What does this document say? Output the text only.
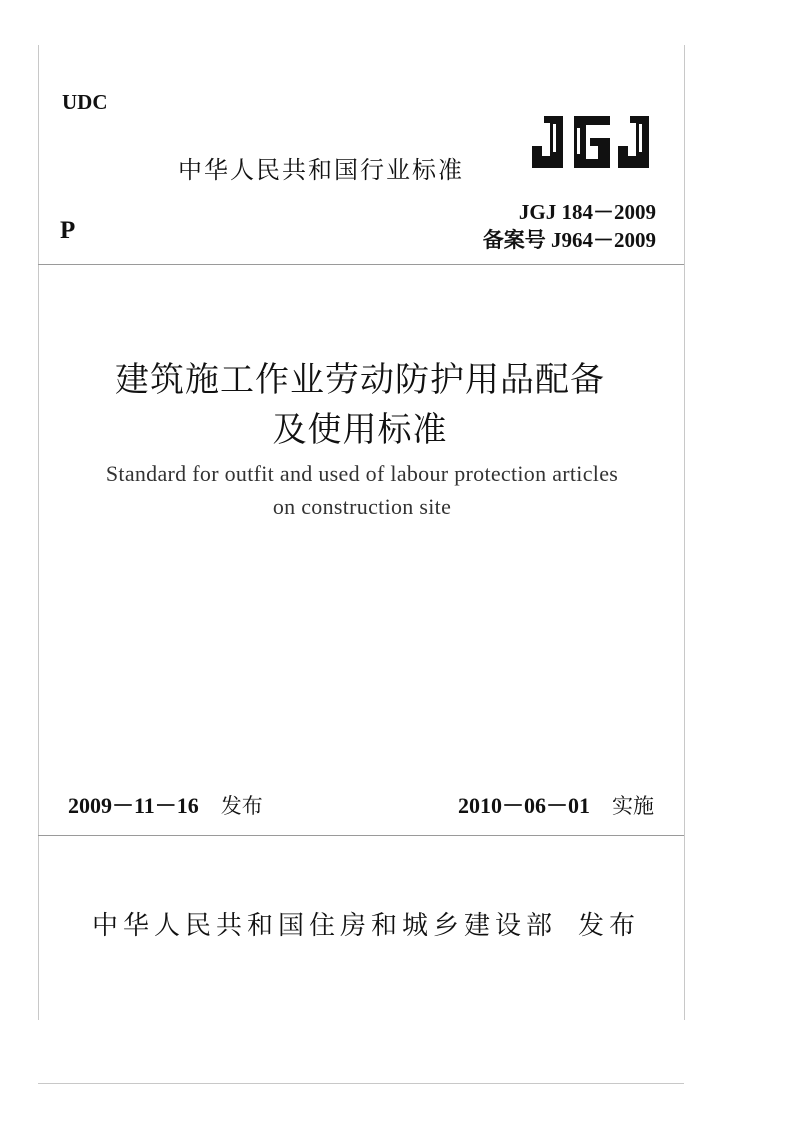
UDC
P
中华人民共和国行业标准
JGJ 184－2009
备案号 J964－2009
建筑施工作业劳动防护用品配备
及使用标准
Standard for outfit and used of labour protection articles
on construction site
2009－11－16 发布	2010－06－01 实施
中华人民共和国住房和城乡建设部 发布
